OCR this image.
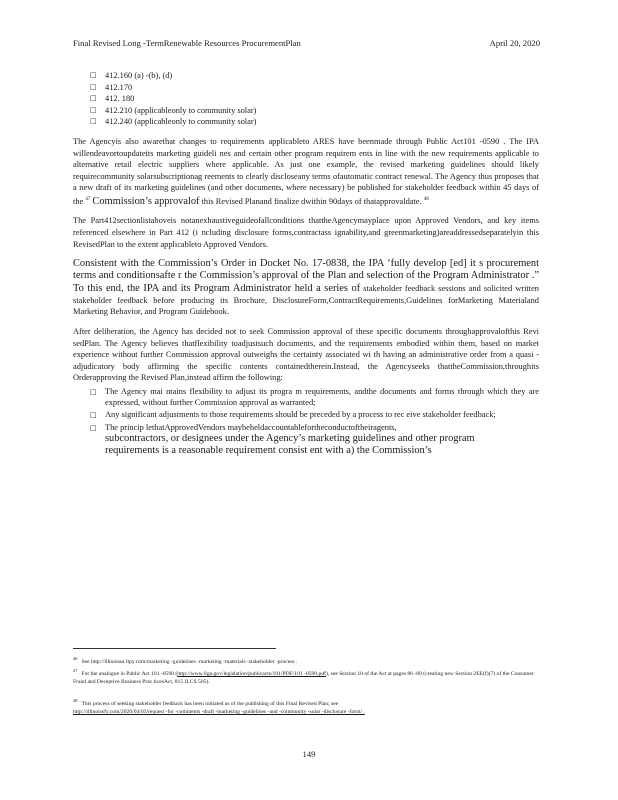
Final Revised Long -TermRenewable Resources ProcurementPlan	April 20, 2020
□ 412.160 (a) -(b), (d)
□ 412.170
□ 412. 180
□ 412.210 (applicableonly to community solar)
□ 412.240 (applicableonly to community solar)

The Agencyis also awarethat changes to requirements applicableto ARES have beenmade through Public Act101 -0590 . The IPA willendeavortoupdateits marketing guideli nes and certain other program requirem ents in line with the new requirements applicable to alternative retail electric suppliers where applicable. As just one example, the revised marketing guidelines should likely requirecommunity solarsubscriptionag reements to clearly discloseany terms ofautomatic contract renewal. The Agency thus proposes that a new draft of its marketing guidelines (and other documents, where necessary) be published for stakeholder feedback within 45 days of the $^{47}$ Commission’s approvalof this Revised Planand finalize dwithin 90days of thatapprovaldate. $^{48}$

The Part412sectionlistaboveis notanexhaustiveguideofallconditions thattheAgencymayplace upon Approved Vendors, and key items referenced elsewhere in Part 412 (i ncluding disclosure forms,contractass ignability,and greenmarketing)areaddressedseparatelyin this RevisedPlan to the extent applicableto Approved Vendors.

Consistent with the Commission’s Order in Docket No. 17-0838, the IPA ‘fully develop [ed] it s procurement terms and conditionsafte r the Commission’s approval of the Plan and selection of the Program Administrator .” To this end, the IPA and its Program Administrator held a series of stakeholder feedback sessions and solicited written stakeholder feedback before producing its Brochure, DisclosureForm,ContractRequirements,Guidelines forMarketing Materialand Marketing Behavior, and Program Guidebook.

After deliberation, the Agency has decided not to seek Commission approval of these specific documents throughapprovalofthis Revi sedPlan. The Agency believes thatflexibility toadjustsuch documents, and the requirements embodied within them, based on market experience without further Commission approval outweighs the certainty associated wi th having an administrative order from a quasi -adjudicatory body affirming the specific contents containedtherein.Instead, the Agencyseeks thattheCommission,throughits Orderapproving the Revised Plan,instead affirm the following:

□ The Agency mai ntains flexibility to adjust its progra m requirements, andthe documents and forms through which they are expressed, without further Commission approval as warranted;
□ Any significant adjustments to those requirements should be preceded by a process to rec eive stakeholder feedback;
□ The princip lethatApprovedVendors maybeheldaccountablefortheconductoftheiragents,
subcontractors, or designees under the Agency’s marketing guidelines and other program
requirements is a reasonable requirement consist ent with a) the Commission’s
$^{46}$See http://illinoissa ltpy.com/marketing -guidelines -marketing -materials -stakeholder -process .
$^{47}$For the analogue in Public Act 101 -0590 (http://www.ilga.gov/legislation/publicacts/101/PDF/101 -0590.pdf), see Section 10 of the Act at pages 86 -89 (creating new Section 2EE(f)(7) of the Consumer Fraud and Deceptive Business Prac ticesAct, 815 ILCS 505).
$^{48}$This process of seeking stakeholder feedback has been initiated as of the publishing of this Final Revised Plan; see
http://illinoissfy.com/2020/04/03/request -for -comments -draft -marketing -guidelines -and -community -solar -disclosure -form/ .
149
